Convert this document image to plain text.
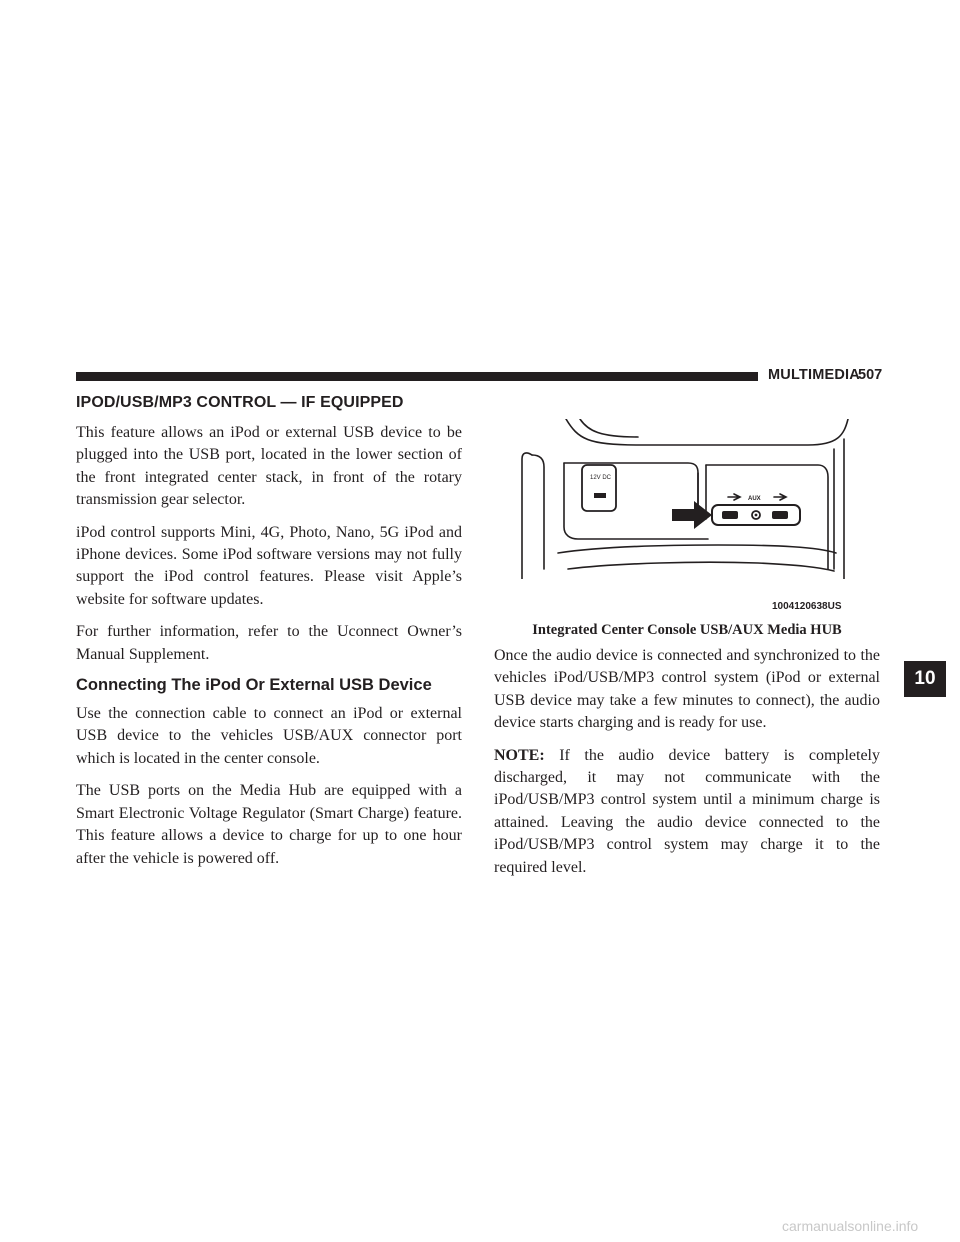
MULTIMEDIA
507
IPOD/USB/MP3 CONTROL — IF EQUIPPED

This feature allows an iPod or external USB device to be plugged into the USB port, located in the lower section of the front integrated center stack, in front of the rotary transmission gear selector.

iPod control supports Mini, 4G, Photo, Nano, 5G iPod and iPhone devices. Some iPod software versions may not fully support the iPod control features. Please visit Apple’s website for software updates.

For further information, refer to the Uconnect Owner’s Manual Supplement.

Connecting The iPod Or External USB Device

Use the connection cable to connect an iPod or external USB device to the vehicles USB/AUX connector port which is located in the center console.

The USB ports on the Media Hub are equipped with a Smart Electronic Voltage Regulator (Smart Charge) feature. This feature allows a device to charge for up to one hour after the vehicle is powered off.

12V DC
AUX
1004120638US
Integrated Center Console USB/AUX Media HUB

Once the audio device is connected and synchronized to the vehicles iPod/USB/MP3 control system (iPod or external USB device may take a few minutes to connect), the audio device starts charging and is ready for use.

NOTE: If the audio device battery is completely discharged, it may not communicate with the iPod/USB/MP3 control system until a minimum charge is attained. Leaving the audio device connected to the iPod/USB/MP3 control system may charge it to the required level.

10
carmanualsonline.info
